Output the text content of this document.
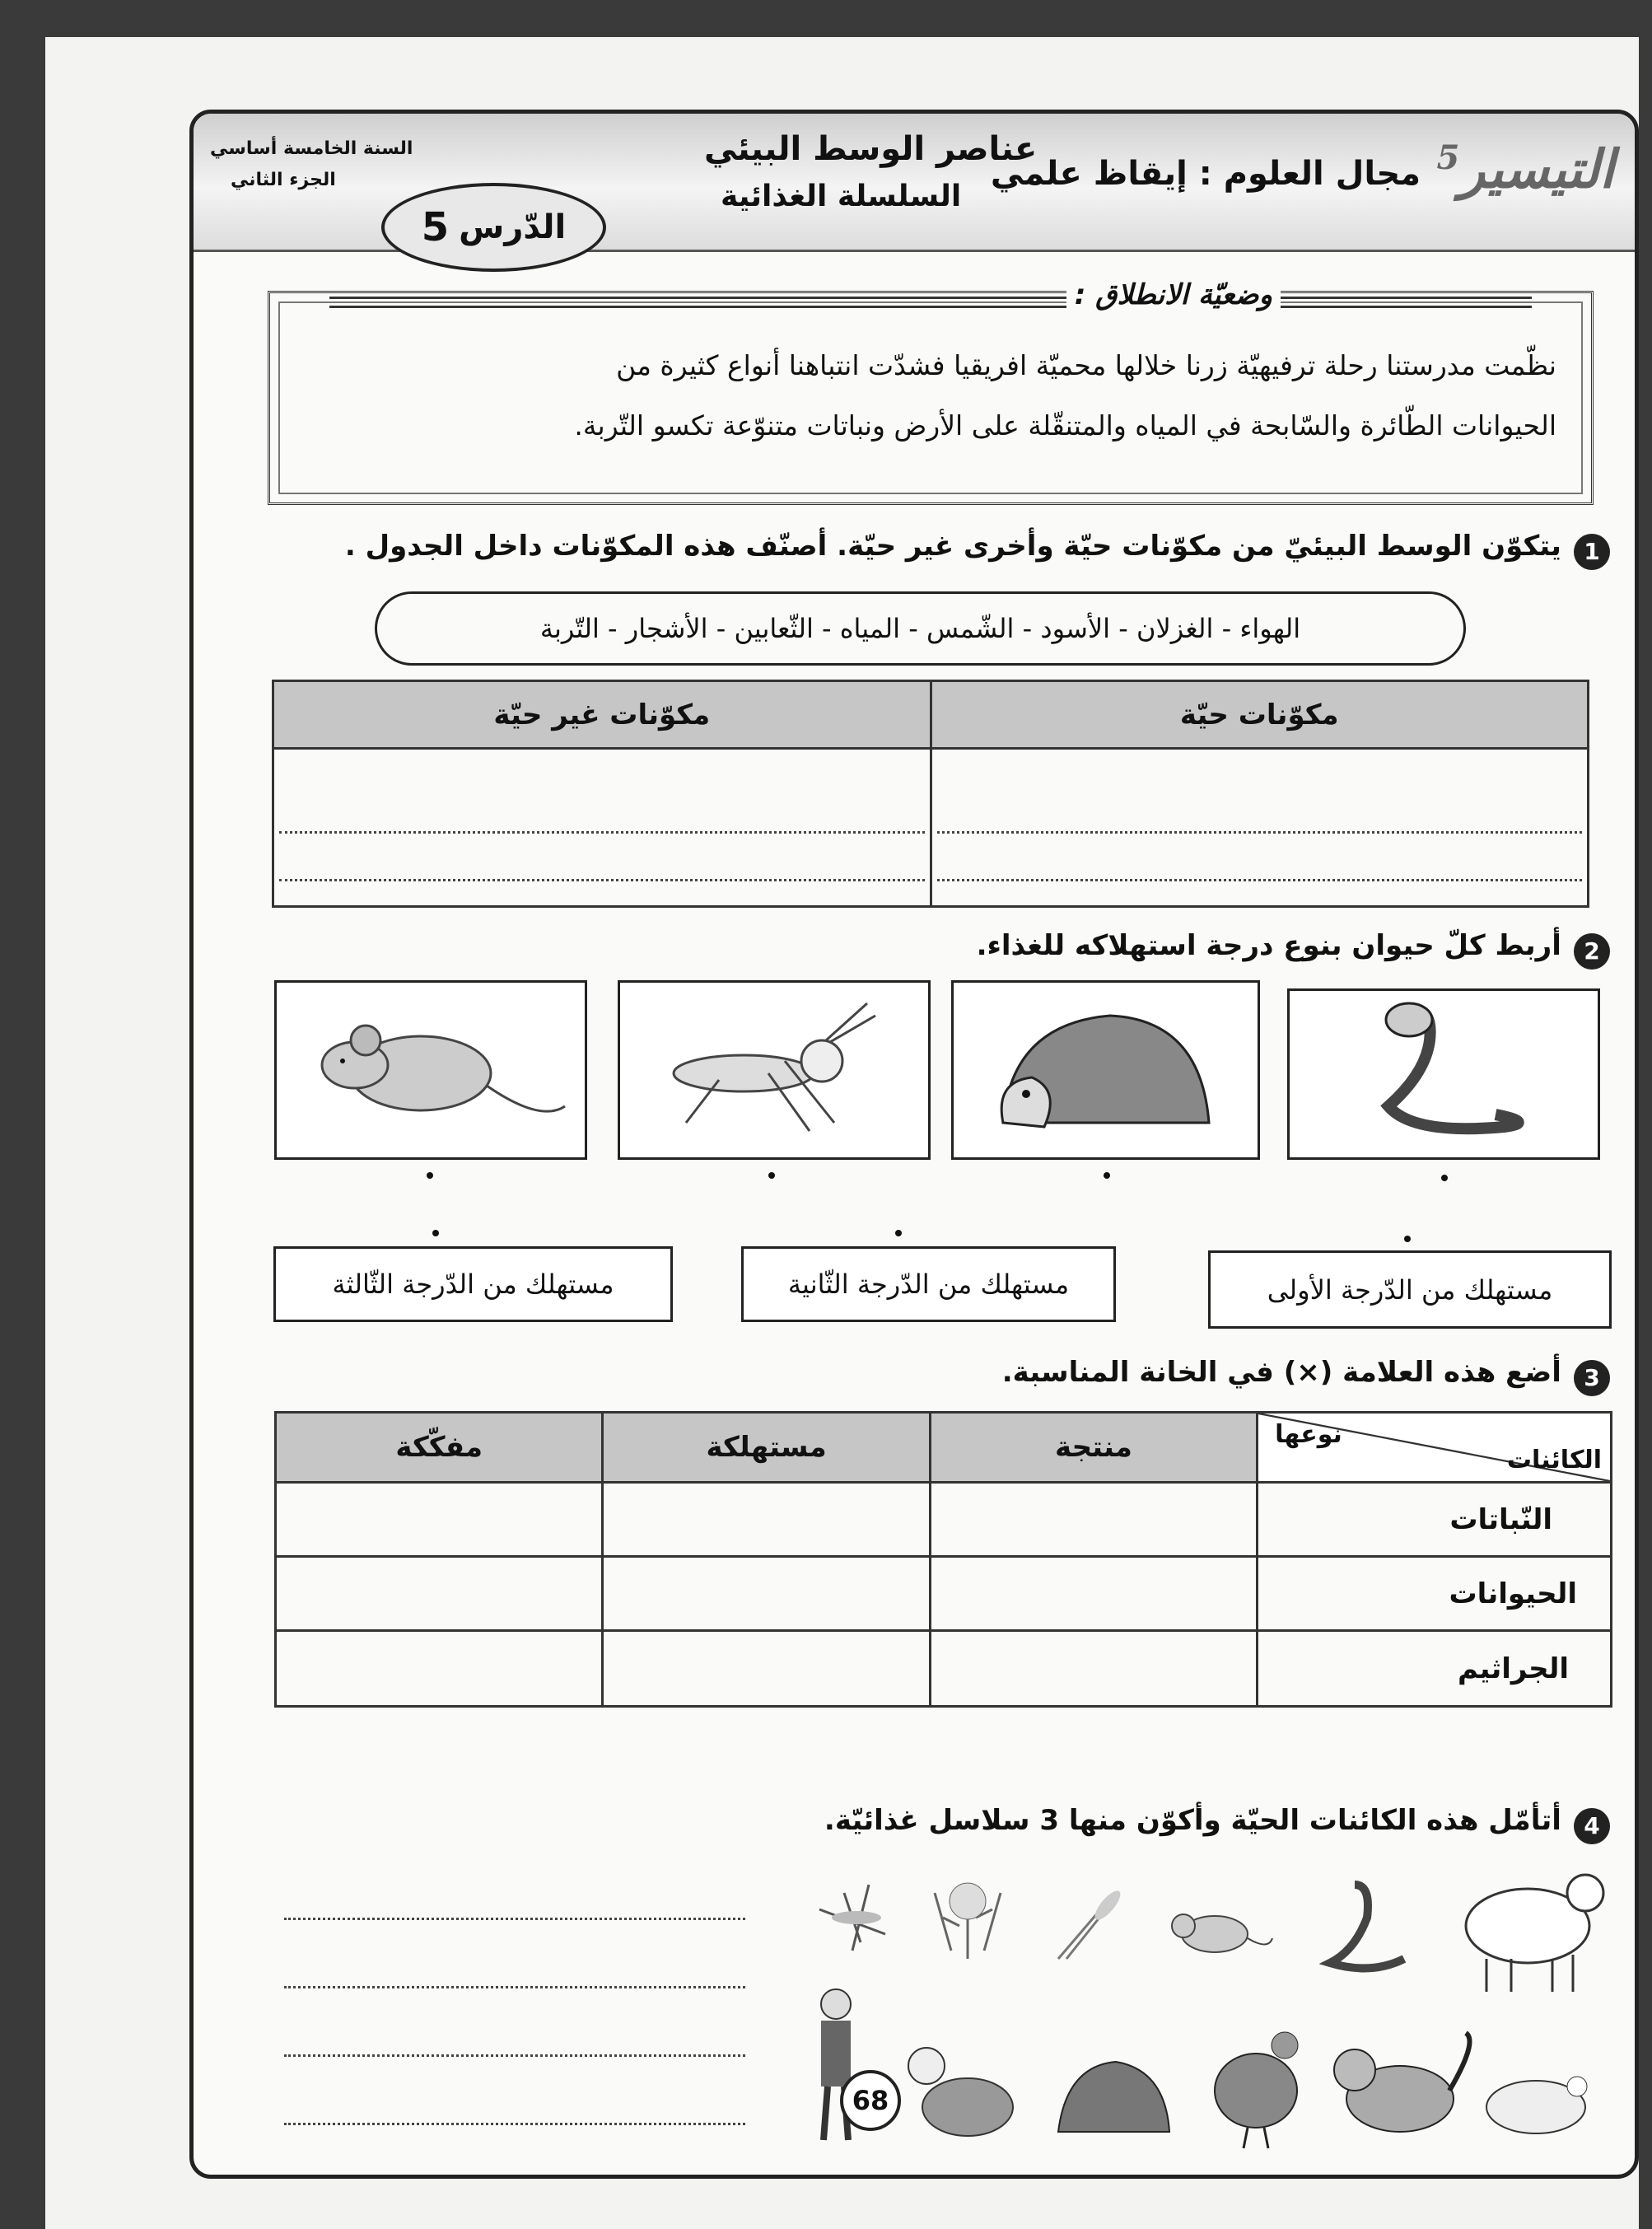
التيسير$^5$
مجال العلوم : إيقاظ علمي
عناصر الوسط البيئي
السلسلة الغذائية
الدّرس
5
السنة الخامسة أساسي
الجزء الثاني
وضعيّة الانطلاق :
نظّمت مدرستنا رحلة ترفيهيّة زرنا خلالها محميّة افريقيا فشدّت انتباهنا أنواع كثيرة من
الحيوانات الطّائرة والسّابحة في المياه والمتنقّلة على الأرض ونباتات متنوّعة تكسو التّربة.
1 يتكوّن الوسط البيئيّ من مكوّنات حيّة وأخرى غير حيّة. أصنّف هذه المكوّنات داخل الجدول .
الهواء - الغزلان - الأسود - الشّمس - المياه - الثّعابين - الأشجار - التّربة
مكوّنات غير حيّة	مكوّنات حيّة

2 أربط كلّ حيوان بنوع درجة استهلاكه للغذاء.
مستهلك من الدّرجة الثّالثة	مستهلك من الدّرجة الثّانية	مستهلك من الدّرجة الأولى
3 أضع هذه العلامة (×) في الخانة المناسبة.
مفكّكة	مستهلكة	منتجة	نوعها
الكائنات

			النّباتات
			الحيوانات
			الجراثيم
4 أتأمّل هذه الكائنات الحيّة وأكوّن منها 3 سلاسل غذائيّة.
68
